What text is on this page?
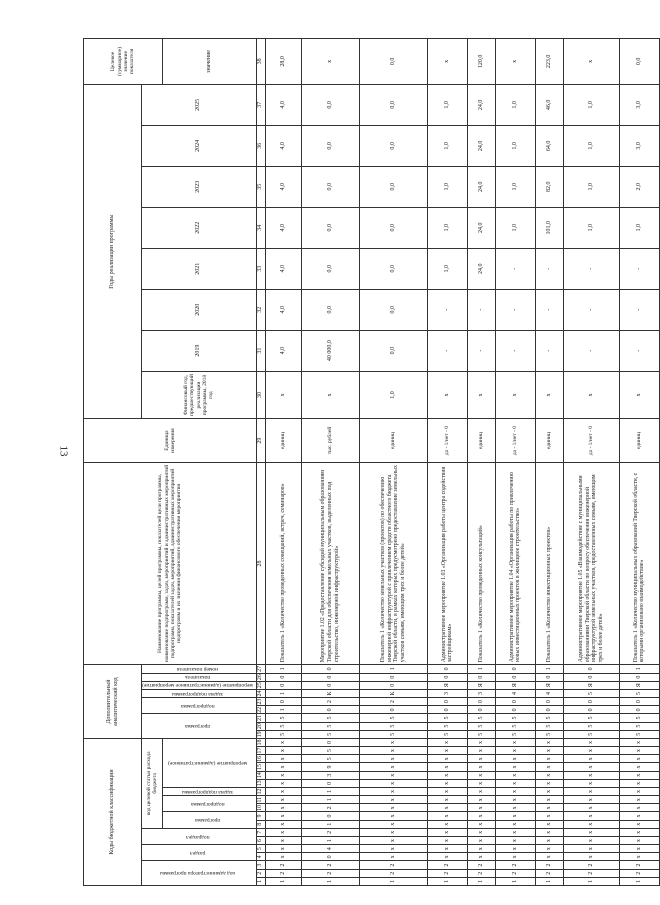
13
Коды бюджетной классификации																		Дополнительный аналитический код									Наименование программы, целей программы, показателей цели программы, наименование подпрограмм, задач, мероприятий и административных мероприятий подпрограмм, показателей задач, мероприятий, административных мероприятий подпрограмм и их значения финансового обеспечения мероприятия	Единица измерения	Годы реализации программы								Целевое (суммарное) значение показателя
код администратора программы			раздел		подраздел		код целевой статьи расхода бюджета											программа			подпрограмма		задача подпрограммы	мероприятие (административное мероприятие)	показатель	номер показателя			Финансовый год, предшествующий реализации программы, 2018 год	2019	2020	2021	2022	2023	2024	2025	
							программа		подпрограмма		задача подпрограммы	мероприятие (административное)																									значение
1	2	3	4	5	6	7	8	9	10	11	12	13	14	15	16	17	18	19	20	21	22	23	24	25	26	27	28	29	30	31	32	33	34	35	36	37	38
1	2	2	х	х	х	х	х	х	х	х	х	х	х	х	х	х	х	5	5	5	1	0	1	0	0	1	Показатель 1 «Количество проведенных совещаний, встреч, семинаров»	единиц	х	4,0	4,0	4,0	4,0	4,0	4,0	4,0	28,0
1	2	2	0	4	1	2	1	0	2	1	1	0	3	9	5	5	0	5	5	5	0	2	К	0	0	0	Мероприятие 1.02 «Предоставление субсидий муниципальным образованиям Тверской области для обеспечения земельных участков, выделенных под строительство, инженерной инфраструктурой»	тыс. рублей	х	40 000,0	0,0	0,0	0,0	0,0	0,0	0,0	х
1	2	2	х	х	х	х	х	х	х	х	х	х	х	х	х	х	х	5	5	5	0	2	К	0	0	1	Показатель 1 «Количество земельных участков (проектов) по обеспечению инженерной инфраструктурой с привлечением средств областного бюджета Тверской области, в рамках которых предусмотрено предоставление земельных участков семьям, имеющим трех и более детей»	единиц	1,0	0,0	0,0	0,0	0,0	0,0	0,0	0,0	0,0
1	2	2	х	х	х	х	х	х	х	х	х	х	х	х	х	х	х	5	5	5	0	0	3	Я	0	0	Административное мероприятие 1.03 «Организация работы центра содействия застройщикам»	да - 1/нет - 0	х	-	-	1,0	1,0	1,0	1,0	1,0	х
1	2	2	х	х	х	х	х	х	х	х	х	х	х	х	х	х	х	5	5	5	0	0	3	Я	0	1	Показатель 1 «Количество проведенных консультаций»	единиц	х	-	-	24,0	24,0	24,0	24,0	24,0	120,0
1	2	2	х	х	х	х	х	х	х	х	х	х	х	х	х	х	х	5	5	5	0	0	4	Я	0	0	Административное мероприятие 1.04 «Организация работы по привлечению новых инвестиционных проектов в жилищное строительство»	да - 1/нет - 0	х	-	-	-	1,0	1,0	1,0	1,0	х
1	2	2	х	х	х	х	х	х	х	х	х	х	х	х	х	х	х	5	5	5	0	0	4	Я	0	1	Показатель 1 «Количество инвестиционных проектов»	единиц	х	-	-	-	101,0	82,0	64,0	46,0	223,0
1	2	2	х	х	х	х	х	х	х	х	х	х	х	х	х	х	х	5	5	5	0	0	5	Я	0	0	Административное мероприятие 1.05 «Взаимодействие с муниципальными образованиями Тверской области по вопросу обеспечения инженерной инфраструктурой земельных участков, предоставленных семьям, имеющим трех и более детей»	да - 1/нет - 0	х	-	-	-	1,0	1,0	1,0	1,0	х
1	2	2	х	х	х	х	х	х	х	х	х	х	х	х	х	х	х	5	5	5	0	0	5	Я	0	1	Показатель 1 «Количество муниципальных образований Тверской области, с которыми организовано взаимодействие»	единиц	х	-	-	-	1,0	2,0	3,0	3,0	0,0
